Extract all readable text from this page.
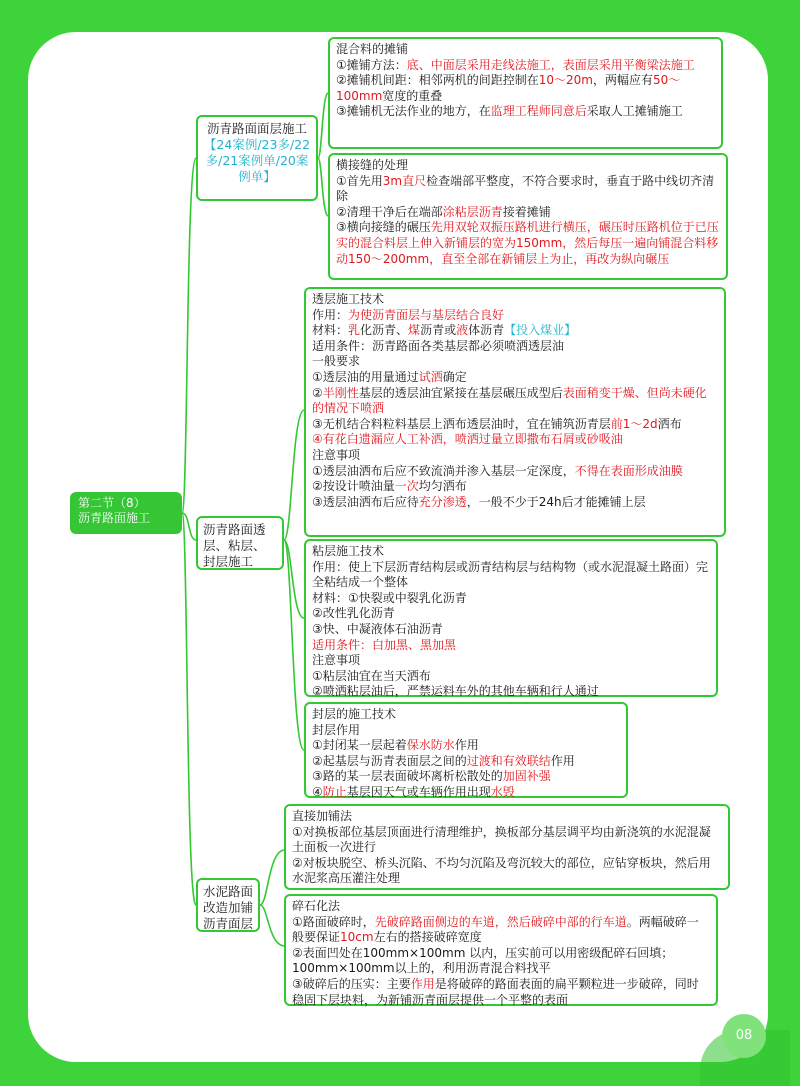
第二节（8）
沥青路面施工
沥青路面面层施工
【24案例/23多/22多/21案例单/20案例单】
沥青路面透层、粘层、封层施工
水泥路面改造加铺沥青面层
混合料的摊铺
①摊铺方法：底、中面层采用走线法施工，表面层采用平衡梁法施工
②摊铺机间距：相邻两机的间距控制在10～20m，两幅应有50～100mm宽度的重叠
③摊铺机无法作业的地方，在监理工程师同意后采取人工摊铺施工
横接缝的处理
①首先用3m直尺检查端部平整度，不符合要求时，垂直于路中线切齐清除
②清理干净后在端部涂粘层沥青接着摊铺
③横向接缝的碾压先用双轮双振压路机进行横压，碾压时压路机位于已压实的混合料层上伸入新铺层的宽为150mm，然后每压一遍向铺混合料移动150～200mm，直至全部在新铺层上为止，再改为纵向碾压
透层施工技术
作用：为使沥青面层与基层结合良好
材料：乳化沥青、煤沥青或液体沥青【投入煤业】
适用条件：沥青路面各类基层都必须喷洒透层油
一般要求
①透层油的用量通过试洒确定
②半刚性基层的透层油宜紧接在基层碾压成型后表面稍变干燥、但尚未硬化的情况下喷洒
③无机结合料粒料基层上洒布透层油时，宜在铺筑沥青层前1～2d洒布
④有花白遗漏应人工补洒，喷洒过量立即撒布石屑或砂吸油
注意事项
①透层油洒布后应不致流淌并渗入基层一定深度，不得在表面形成油膜
②按设计喷油量一次均匀洒布
③透层油洒布后应待充分渗透，一般不少于24h后才能摊铺上层
粘层施工技术
作用：使上下层沥青结构层或沥青结构层与结构物（或水泥混凝土路面）完全粘结成一个整体
材料：①快裂或中裂乳化沥青
②改性乳化沥青
③快、中凝液体石油沥青
适用条件：白加黑、黑加黑
注意事项
①粘层油宜在当天洒布
②喷洒粘层油后，严禁运料车外的其他车辆和行人通过
封层的施工技术
封层作用
①封闭某一层起着保水防水作用
②起基层与沥青表面层之间的过渡和有效联结作用
③路的某一层表面破坏离析松散处的加固补强
④防止基层因天气或车辆作用出现水毁
直接加铺法
①对换板部位基层顶面进行清理维护，换板部分基层调平均由新浇筑的水泥混凝土面板一次进行
②对板块脱空、桥头沉陷、不均匀沉陷及弯沉较大的部位，应钻穿板块，然后用水泥浆高压灌注处理
碎石化法
①路面破碎时，先破碎路面侧边的车道，然后破碎中部的行车道。两幅破碎一般要保证10cm左右的搭接破碎宽度
②表面凹处在100mm×100mm 以内，压实前可以用密级配碎石回填；100mm×100mm以上的，利用沥青混合料找平
③破碎后的压实：主要作用是将破碎的路面表面的扁平颗粒进一步破碎，同时稳固下层块料，为新铺沥青面层提供一个平整的表面
08
